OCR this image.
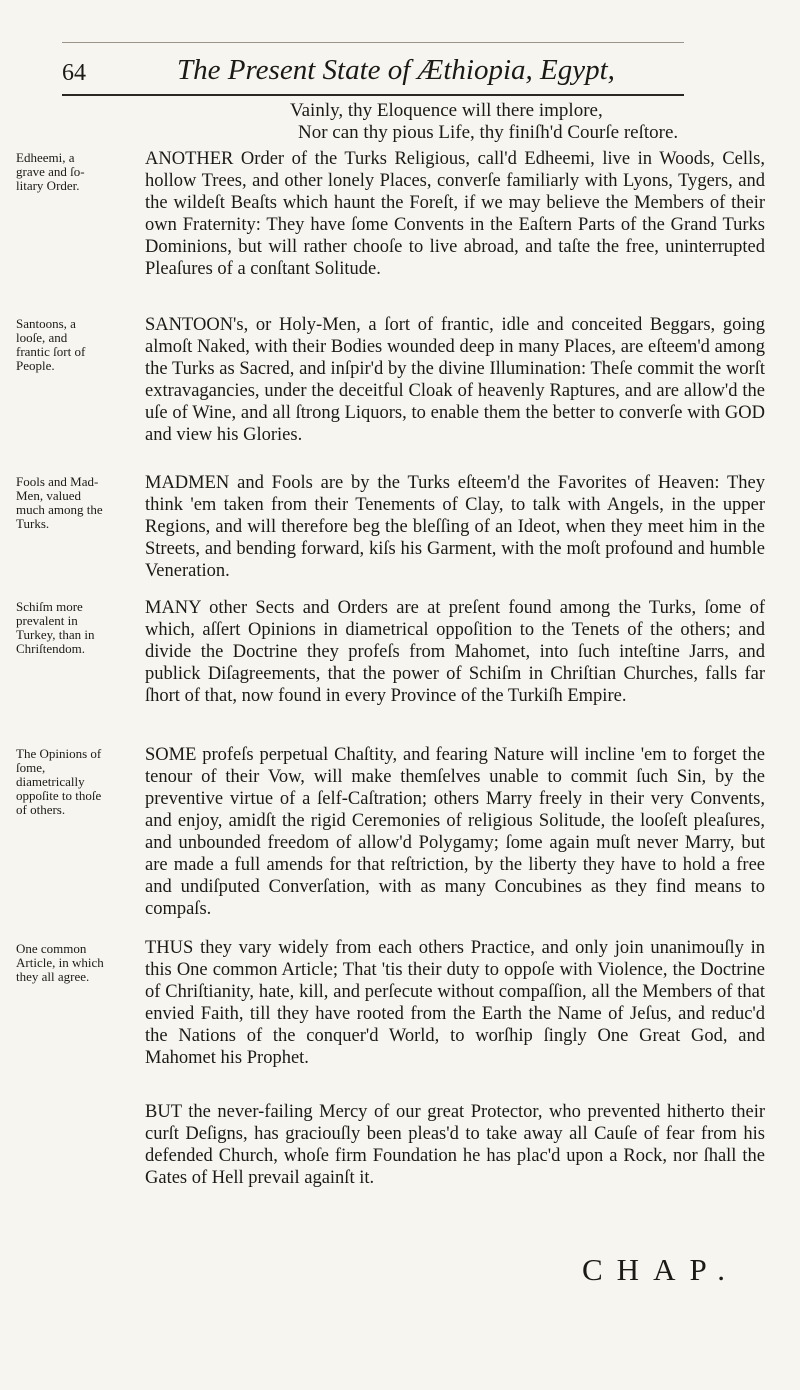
64	The Present State of Æthiopia, Egypt,
Vainly, thy Eloquence will there implore,
Nor can thy pious Life, thy finiſh'd Courſe reſtore.
Edheemi, a grave and ſo-litary Order.
ANOTHER Order of the Turks Religious, call'd Edheemi, live in Woods, Cells, hollow Trees, and other lonely Places, converſe familiarly with Lyons, Tygers, and the wildeſt Beaſts which haunt the Foreſt, if we may believe the Members of their own Fraternity: They have ſome Convents in the Eaſtern Parts of the Grand Turks Dominions, but will rather chooſe to live abroad, and taſte the free, uninterrupted Pleaſures of a conſtant Solitude.
Santoons, a looſe, and frantic ſort of People.
SANTOON's, or Holy-Men, a ſort of frantic, idle and conceited Beggars, going almoſt Naked, with their Bodies wounded deep in many Places, are eſteem'd among the Turks as Sacred, and inſpir'd by the divine Illumination: Theſe commit the worſt extravagancies, under the deceitful Cloak of heavenly Raptures, and are allow'd the uſe of Wine, and all ſtrong Liquors, to enable them the better to converſe with GOD and view his Glories.
Fools and Mad-Men, valued much among the Turks.
MADMEN and Fools are by the Turks eſteem'd the Favorites of Heaven: They think 'em taken from their Tenements of Clay, to talk with Angels, in the upper Regions, and will therefore beg the bleſſing of an Ideot, when they meet him in the Streets, and bending forward, kiſs his Garment, with the moſt profound and humble Veneration.
Schiſm more prevalent in Turkey, than in Chriſtendom.
MANY other Sects and Orders are at preſent found among the Turks, ſome of which, aſſert Opinions in diametrical oppoſition to the Tenets of the others; and divide the Doctrine they profeſs from Mahomet, into ſuch inteſtine Jarrs, and publick Diſagreements, that the power of Schiſm in Chriſtian Churches, falls far ſhort of that, now found in every Province of the Turkiſh Empire.
The Opinions of ſome, diametrically oppoſite to thoſe of others.
SOME profeſs perpetual Chaſtity, and fearing Nature will incline 'em to forget the tenour of their Vow, will make themſelves unable to commit ſuch Sin, by the preventive virtue of a ſelf-Caſtration; others Marry freely in their very Convents, and enjoy, amidſt the rigid Ceremonies of religious Solitude, the looſeſt pleaſures, and unbounded freedom of allow'd Polygamy; ſome again muſt never Marry, but are made a full amends for that reſtriction, by the liberty they have to hold a free and undiſputed Converſation, with as many Concubines as they find means to compaſs.
One common Article, in which they all agree.
THUS they vary widely from each others Practice, and only join unanimouſly in this One common Article; That 'tis their duty to oppoſe with Violence, the Doctrine of Chriſtianity, hate, kill, and perſecute without compaſſion, all the Members of that envied Faith, till they have rooted from the Earth the Name of Jeſus, and reduc'd the Nations of the conquer'd World, to worſhip ſingly One Great God, and Mahomet his Prophet.
BUT the never-failing Mercy of our great Protector, who prevented hitherto their curſt Deſigns, has graciouſly been pleas'd to take away all Cauſe of fear from his defended Church, whoſe firm Foundation he has plac'd upon a Rock, nor ſhall the Gates of Hell prevail againſt it.
CHAP.
